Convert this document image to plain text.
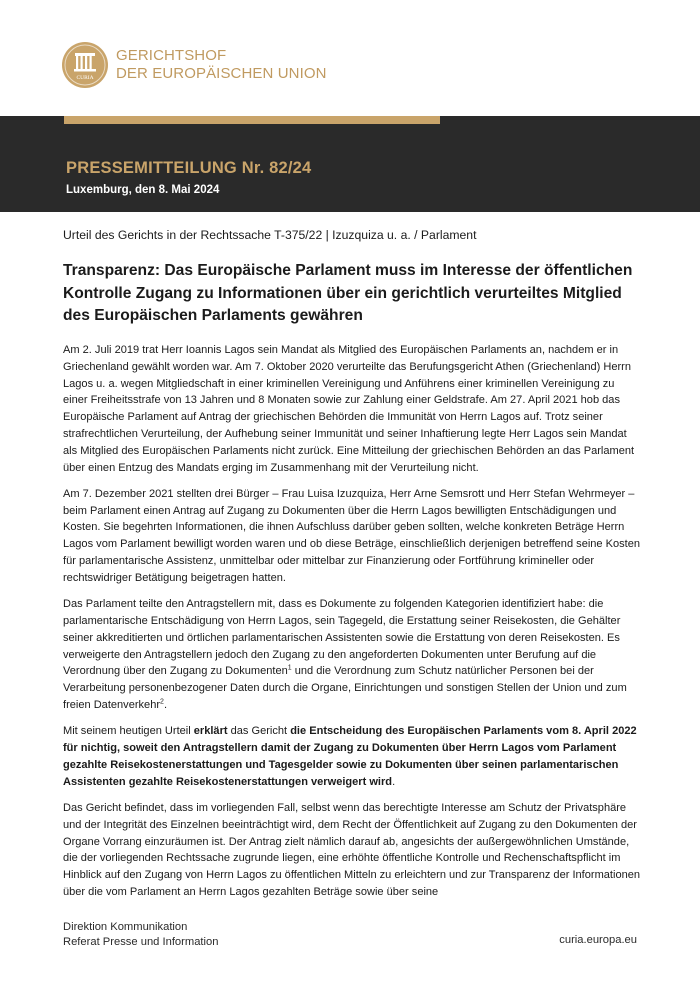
CURIA
GERICHTSHOF
DER EUROPÄISCHEN UNION
PRESSEMITTEILUNG Nr. 82/24
Luxemburg, den 8. Mai 2024
Urteil des Gerichts in der Rechtssache T-375/22 | Izuzquiza u. a. / Parlament
Transparenz: Das Europäische Parlament muss im Interesse der öffentlichen Kontrolle Zugang zu Informationen über ein gerichtlich verurteiltes Mitglied des Europäischen Parlaments gewähren

Am 2. Juli 2019 trat Herr Ioannis Lagos sein Mandat als Mitglied des Europäischen Parlaments an, nachdem er in Griechenland gewählt worden war. Am 7. Oktober 2020 verurteilte das Berufungsgericht Athen (Griechenland) Herrn Lagos u. a. wegen Mitgliedschaft in einer kriminellen Vereinigung und Anführens einer kriminellen Vereinigung zu einer Freiheitsstrafe von 13 Jahren und 8 Monaten sowie zur Zahlung einer Geldstrafe. Am 27. April 2021 hob das Europäische Parlament auf Antrag der griechischen Behörden die Immunität von Herrn Lagos auf. Trotz seiner strafrechtlichen Verurteilung, der Aufhebung seiner Immunität und seiner Inhaftierung legte Herr Lagos sein Mandat als Mitglied des Europäischen Parlaments nicht zurück. Eine Mitteilung der griechischen Behörden an das Parlament über einen Entzug des Mandats erging im Zusammenhang mit der Verurteilung nicht.

Am 7. Dezember 2021 stellten drei Bürger – Frau Luisa Izuzquiza, Herr Arne Semsrott und Herr Stefan Wehrmeyer – beim Parlament einen Antrag auf Zugang zu Dokumenten über die Herrn Lagos bewilligten Entschädigungen und Kosten. Sie begehrten Informationen, die ihnen Aufschluss darüber geben sollten, welche konkreten Beträge Herrn Lagos vom Parlament bewilligt worden waren und ob diese Beträge, einschließlich derjenigen betreffend seine Kosten für parlamentarische Assistenz, unmittelbar oder mittelbar zur Finanzierung oder Fortführung krimineller oder rechtswidriger Betätigung beigetragen hatten.

Das Parlament teilte den Antragstellern mit, dass es Dokumente zu folgenden Kategorien identifiziert habe: die parlamentarische Entschädigung von Herrn Lagos, sein Tagegeld, die Erstattung seiner Reisekosten, die Gehälter seiner akkreditierten und örtlichen parlamentarischen Assistenten sowie die Erstattung von deren Reisekosten. Es verweigerte den Antragstellern jedoch den Zugang zu den angeforderten Dokumenten unter Berufung auf die Verordnung über den Zugang zu Dokumenten$^1$ und die Verordnung zum Schutz natürlicher Personen bei der Verarbeitung personenbezogener Daten durch die Organe, Einrichtungen und sonstigen Stellen der Union und zum freien Datenverkehr$^2$.

Mit seinem heutigen Urteil erklärt das Gericht die Entscheidung des Europäischen Parlaments vom 8. April 2022 für nichtig, soweit den Antragstellern damit der Zugang zu Dokumenten über Herrn Lagos vom Parlament gezahlte Reisekostenerstattungen und Tagesgelder sowie zu Dokumenten über seinen parlamentarischen Assistenten gezahlte Reisekostenerstattungen verweigert wird.

Das Gericht befindet, dass im vorliegenden Fall, selbst wenn das berechtigte Interesse am Schutz der Privatsphäre und der Integrität des Einzelnen beeinträchtigt wird, dem Recht der Öffentlichkeit auf Zugang zu den Dokumenten der Organe Vorrang einzuräumen ist. Der Antrag zielt nämlich darauf ab, angesichts der außergewöhnlichen Umstände, die der vorliegenden Rechtssache zugrunde liegen, eine erhöhte öffentliche Kontrolle und Rechenschaftspflicht im Hinblick auf den Zugang von Herrn Lagos zu öffentlichen Mitteln zu erleichtern und zur Transparenz der Informationen über die vom Parlament an Herrn Lagos gezahlten Beträge sowie über seine

Direktion Kommunikation
Referat Presse und Information	curia.europa.eu
